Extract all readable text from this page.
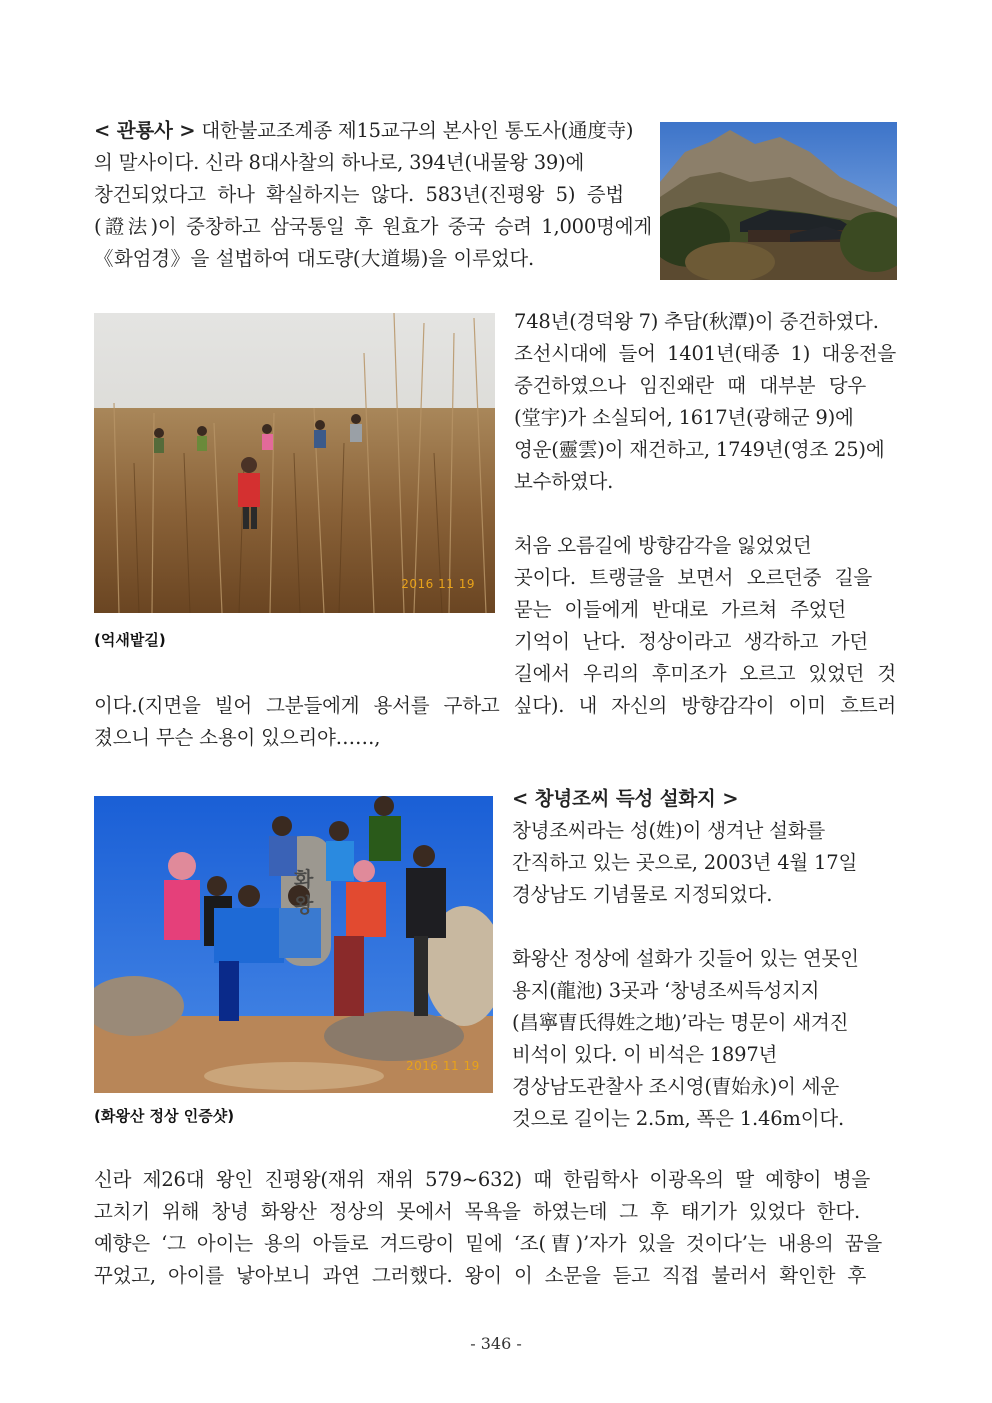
< 관룡사 > 대한불교조계종 제15교구의 본사인 통도사(通度寺)
의 말사이다. 신라 8대사찰의 하나로, 394년(내물왕 39)에
창건되었다고 하나 확실하지는 않다. 583년(진평왕 5) 증법
(證法)이 중창하고 삼국통일 후 원효가 중국 승려 1,000명에게
《화엄경》을 설법하여 대도량(大道場)을 이루었다.
2016 11 19
(억새밭길)
748년(경덕왕 7) 추담(秋潭)이 중건하였다.
조선시대에 들어 1401년(태종 1) 대웅전을
중건하였으나 임진왜란 때 대부분 당우
(堂宇)가 소실되어, 1617년(광해군 9)에
영운(靈雲)이 재건하고, 1749년(영조 25)에
보수하였다.
처음 오름길에 방향감각을 잃었었던
곳이다. 트랭글을 보면서 오르던중 길을
묻는 이들에게 반대로 가르쳐 주었던
기억이 난다. 정상이라고 생각하고 가던
길에서 우리의 후미조가 오르고 있었던 것
이다.(지면을 빌어 그분들에게 용서를 구하고 싶다). 내 자신의 방향감각이 이미 흐트러
졌으니 무슨 소용이 있으리야……,
< 창녕조씨 득성 설화지 >
창녕조씨라는 성(姓)이 생겨난 설화를
간직하고 있는 곳으로, 2003년 4월 17일
경상남도 기념물로 지정되었다.
화왕산 정상에 설화가 깃들어 있는 연못인
용지(龍池) 3곳과 ‘창녕조씨득성지지
(昌寧曺氏得姓之地)’라는 명문이 새겨진
비석이 있다. 이 비석은 1897년
경상남도관찰사 조시영(曺始永)이 세운
것으로 길이는 2.5m, 폭은 1.46m이다.
2016 11 19
화왕
(화왕산 정상 인증샷)
신라 제26대 왕인 진평왕(재위 재위 579~632) 때 한림학사 이광옥의 딸 예향이 병을
고치기 위해 창녕 화왕산 정상의 못에서 목욕을 하였는데 그 후 태기가 있었다 한다.
예향은 ‘그 아이는 용의 아들로 겨드랑이 밑에 ‘조(曺)’자가 있을 것이다’는 내용의 꿈을
꾸었고, 아이를 낳아보니 과연 그러했다. 왕이 이 소문을 듣고 직접 불러서 확인한 후
- 346 -
